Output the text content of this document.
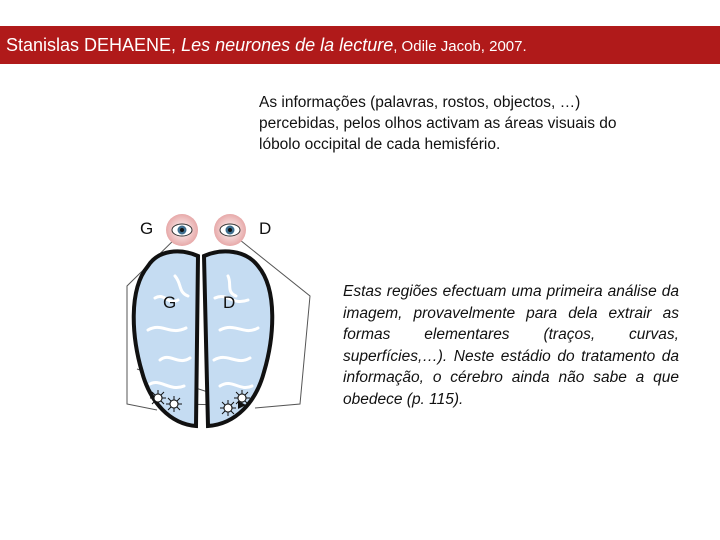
Stanislas DEHAENE, Les neurones de la lecture, Odile Jacob, 2007.
As informações (palavras, rostos, objectos, …) percebidas, pelos olhos activam as áreas visuais do lóbolo occipital de cada hemisfério.
G	D
G	D
Estas regiões efectuam uma primeira análise da imagem, provavelmente para dela extrair as formas elementares (traços, curvas, superfícies,…). Neste estádio do tratamento da informação, o cérebro ainda não sabe a que obedece (p. 115).
